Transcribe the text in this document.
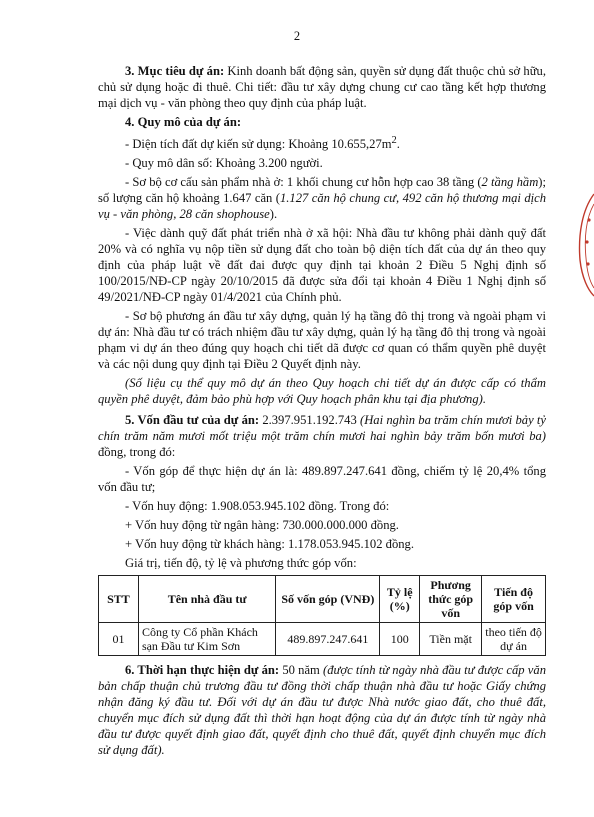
2

3. Mục tiêu dự án: Kinh doanh bất động sản, quyền sử dụng đất thuộc chủ sở hữu, chủ sử dụng hoặc đi thuê. Chi tiết: đầu tư xây dựng chung cư cao tầng kết hợp thương mại dịch vụ - văn phòng theo quy định của pháp luật.

4. Quy mô của dự án:

- Diện tích đất dự kiến sử dụng: Khoảng $10.655,27m^2$.

- Quy mô dân số: Khoảng 3.200 người.

- Sơ bộ cơ cấu sản phẩm nhà ở: 1 khối chung cư hỗn hợp cao 38 tầng (2 tầng hầm); số lượng căn hộ khoảng 1.647 căn (1.127 căn hộ chung cư, 492 căn hộ thương mại dịch vụ - văn phòng, 28 căn shophouse).

- Việc dành quỹ đất phát triển nhà ở xã hội: Nhà đầu tư không phải dành quỹ đất 20% và có nghĩa vụ nộp tiền sử dụng đất cho toàn bộ diện tích đất của dự án theo quy định của pháp luật về đất đai được quy định tại khoản 2 Điều 5 Nghị định số 100/2015/NĐ-CP ngày 20/10/2015 đã được sửa đổi tại khoản 4 Điều 1 Nghị định số 49/2021/NĐ-CP ngày 01/4/2021 của Chính phủ.

- Sơ bộ phương án đầu tư xây dựng, quản lý hạ tầng đô thị trong và ngoài phạm vi dự án: Nhà đầu tư có trách nhiệm đầu tư xây dựng, quản lý hạ tầng đô thị trong và ngoài phạm vi dự án theo đúng quy hoạch chi tiết dã được cơ quan có thẩm quyền phê duyệt và các nội dung quy định tại Điều 2 Quyết định này.

(Số liệu cụ thể quy mô dự án theo Quy hoạch chi tiết dự án được cấp có thẩm quyền phê duyệt, đảm bảo phù hợp với Quy hoạch phân khu tại địa phương).

5. Vốn đầu tư của dự án: 2.397.951.192.743 (Hai nghìn ba trăm chín mươi bảy tỷ chín trăm năm mươi mốt triệu một trăm chín mươi hai nghìn bảy trăm bốn mươi ba) đồng, trong đó:

- Vốn góp để thực hiện dự án là: 489.897.247.641 đồng, chiếm tỷ lệ 20,4% tổng vốn đầu tư;

- Vốn huy động: 1.908.053.945.102 đồng. Trong đó:

+ Vốn huy động từ ngân hàng: 730.000.000.000 đồng.

+ Vốn huy động từ khách hàng: 1.178.053.945.102 đồng.

Giá trị, tiến độ, tỷ lệ và phương thức góp vốn:

STT	Tên nhà đầu tư	Số vốn góp (VNĐ)	Tỷ lệ (%)	Phương thức góp vốn	Tiến độ góp vốn
01	Công ty Cổ phần Khách sạn Đầu tư Kim Sơn	489.897.247.641	100	Tiền mặt	theo tiến độ dự án

6. Thời hạn thực hiện dự án: 50 năm (được tính từ ngày nhà đầu tư được cấp văn bản chấp thuận chủ trương đầu tư đồng thời chấp thuận nhà đầu tư hoặc Giấy chứng nhận đăng ký đầu tư. Đối với dự án đầu tư được Nhà nước giao đất, cho thuê đất, chuyển mục đích sử dụng đất thì thời hạn hoạt động của dự án được tính từ ngày nhà đầu tư được quyết định giao đất, quyết định cho thuê đất, quyết định chuyển mục đích sử dụng đất).
